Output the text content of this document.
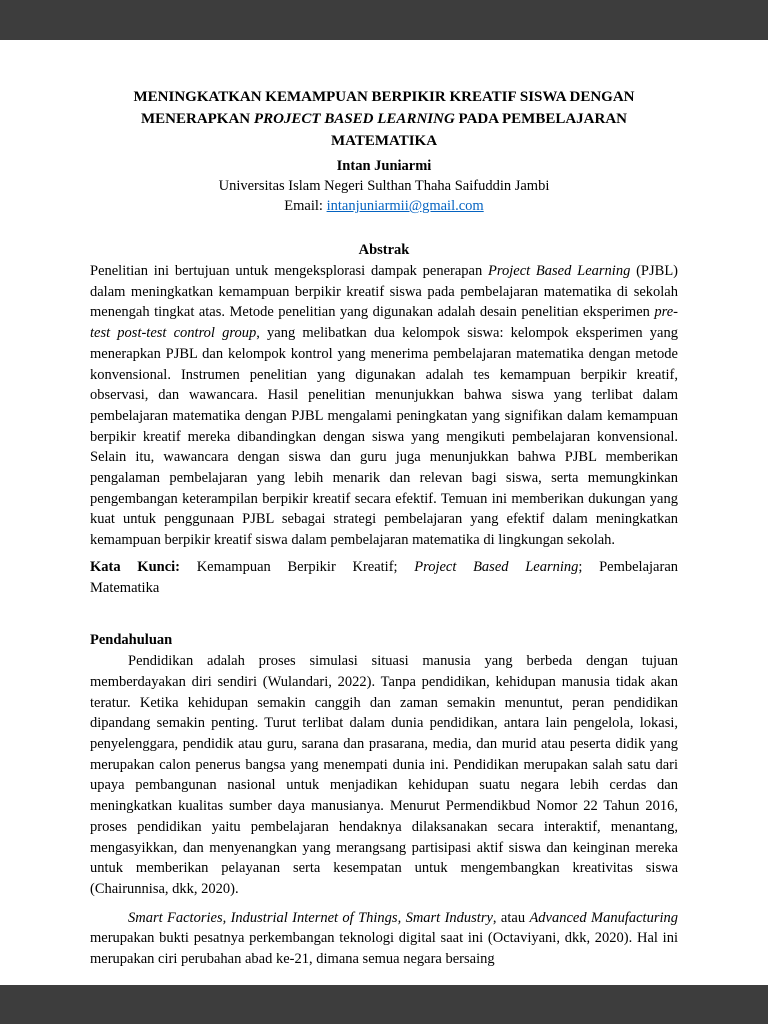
MENINGKATKAN KEMAMPUAN BERPIKIR KREATIF SISWA DENGAN
MENERAPKAN PROJECT BASED LEARNING PADA PEMBELAJARAN
MATEMATIKA
Intan Juniarmi
Universitas Islam Negeri Sulthan Thaha Saifuddin Jambi
Email: intanjuniarmii@gmail.com
Abstrak

Penelitian ini bertujuan untuk mengeksplorasi dampak penerapan Project Based Learning (PJBL) dalam meningkatkan kemampuan berpikir kreatif siswa pada pembelajaran matematika di sekolah menengah tingkat atas. Metode penelitian yang digunakan adalah desain penelitian eksperimen pre-test post-test control group, yang melibatkan dua kelompok siswa: kelompok eksperimen yang menerapkan PJBL dan kelompok kontrol yang menerima pembelajaran matematika dengan metode konvensional. Instrumen penelitian yang digunakan adalah tes kemampuan berpikir kreatif, observasi, dan wawancara. Hasil penelitian menunjukkan bahwa siswa yang terlibat dalam pembelajaran matematika dengan PJBL mengalami peningkatan yang signifikan dalam kemampuan berpikir kreatif mereka dibandingkan dengan siswa yang mengikuti pembelajaran konvensional. Selain itu, wawancara dengan siswa dan guru juga menunjukkan bahwa PJBL memberikan pengalaman pembelajaran yang lebih menarik dan relevan bagi siswa, serta memungkinkan pengembangan keterampilan berpikir kreatif secara efektif. Temuan ini memberikan dukungan yang kuat untuk penggunaan PJBL sebagai strategi pembelajaran yang efektif dalam meningkatkan kemampuan berpikir kreatif siswa dalam pembelajaran matematika di lingkungan sekolah.

Kata Kunci: Kemampuan Berpikir Kreatif; Project Based Learning; Pembelajaran
Matematika

Pendahuluan

Pendidikan adalah proses simulasi situasi manusia yang berbeda dengan tujuan memberdayakan diri sendiri (Wulandari, 2022). Tanpa pendidikan, kehidupan manusia tidak akan teratur. Ketika kehidupan semakin canggih dan zaman semakin menuntut, peran pendidikan dipandang semakin penting. Turut terlibat dalam dunia pendidikan, antara lain pengelola, lokasi, penyelenggara, pendidik atau guru, sarana dan prasarana, media, dan murid atau peserta didik yang merupakan calon penerus bangsa yang menempati dunia ini. Pendidikan merupakan salah satu dari upaya pembangunan nasional untuk menjadikan kehidupan suatu negara lebih cerdas dan meningkatkan kualitas sumber daya manusianya. Menurut Permendikbud Nomor 22 Tahun 2016, proses pendidikan yaitu pembelajaran hendaknya dilaksanakan secara interaktif, menantang, mengasyikkan, dan menyenangkan yang merangsang partisipasi aktif siswa dan keinginan mereka untuk memberikan pelayanan serta kesempatan untuk mengembangkan kreativitas siswa (Chairunnisa, dkk, 2020).

Smart Factories, Industrial Internet of Things, Smart Industry, atau Advanced Manufacturing merupakan bukti pesatnya perkembangan teknologi digital saat ini (Octaviyani, dkk, 2020). Hal ini merupakan ciri perubahan abad ke-21, dimana semua negara bersaing
